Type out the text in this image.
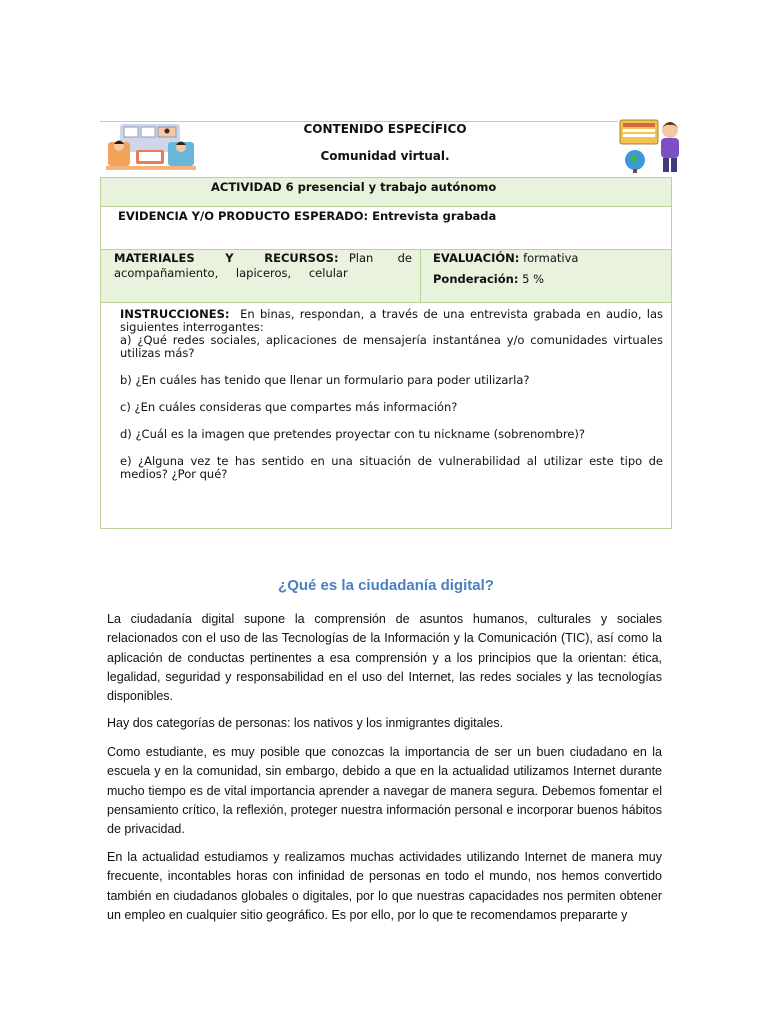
CONTENIDO ESPECÍFICO
Comunidad virtual.
ACTIVIDAD 6 presencial y trabajo autónomo
EVIDENCIA Y/O PRODUCTO ESPERADO: Entrevista grabada
MATERIALES Y RECURSOS: Plan de acompañamiento, lapiceros, celular
EVALUACIÓN: formativa
Ponderación: 5 %

INSTRUCCIONES: En binas, respondan, a través de una entrevista grabada en audio, las siguientes interrogantes:

a) ¿Qué redes sociales, aplicaciones de mensajería instantánea y/o comunidades virtuales utilizas más?

b) ¿En cuáles has tenido que llenar un formulario para poder utilizarla?

c) ¿En cuáles consideras que compartes más información?

d) ¿Cuál es la imagen que pretendes proyectar con tu nickname (sobrenombre)?

e) ¿Alguna vez te has sentido en una situación de vulnerabilidad al utilizar este tipo de medios? ¿Por qué?

¿Qué es la ciudadanía digital?

La ciudadanía digital supone la comprensión de asuntos humanos, culturales y sociales relacionados con el uso de las Tecnologías de la Información y la Comunicación (TIC), así como la aplicación de conductas pertinentes a esa comprensión y a los principios que la orientan: ética, legalidad, seguridad y responsabilidad en el uso del Internet, las redes sociales y las tecnologías disponibles.

Hay dos categorías de personas: los nativos y los inmigrantes digitales.

Como estudiante, es muy posible que conozcas la importancia de ser un buen ciudadano en la escuela y en la comunidad, sin embargo, debido a que en la actualidad utilizamos Internet durante mucho tiempo es de vital importancia aprender a navegar de manera segura. Debemos fomentar el pensamiento crítico, la reflexión, proteger nuestra información personal e incorporar buenos hábitos de privacidad.

En la actualidad estudiamos y realizamos muchas actividades utilizando Internet de manera muy frecuente, incontables horas con infinidad de personas en todo el mundo, nos hemos convertido también en ciudadanos globales o digitales, por lo que nuestras capacidades nos permiten obtener un empleo en cualquier sitio geográfico. Es por ello, por lo que te recomendamos prepararte y
